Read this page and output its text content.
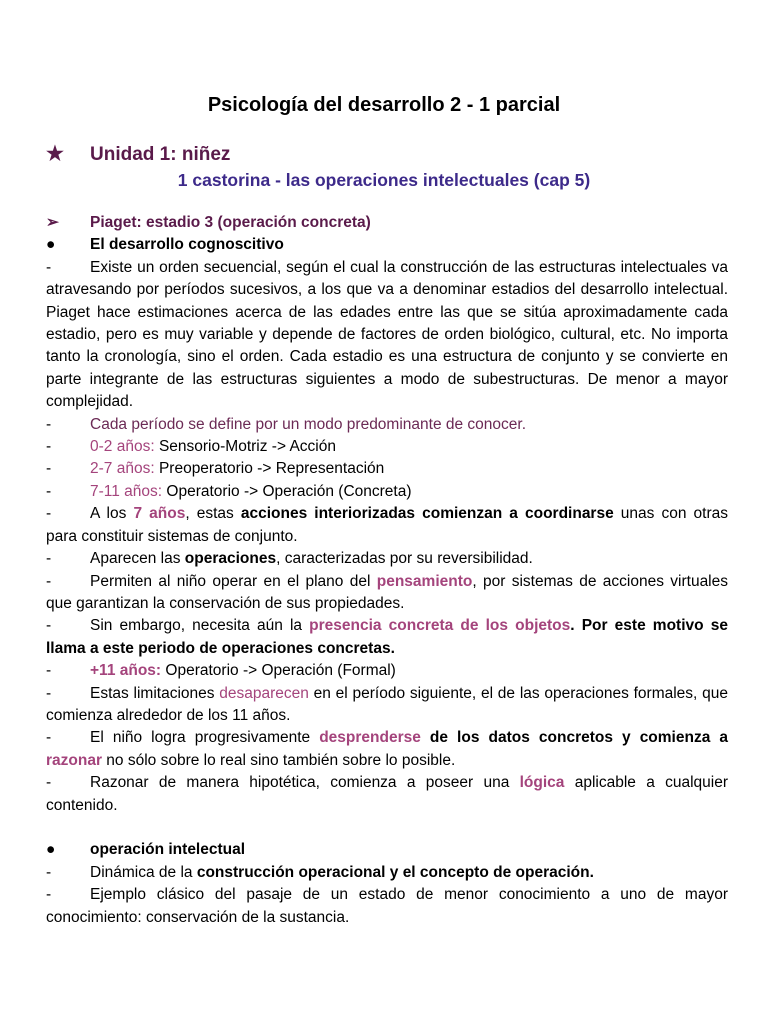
Psicología del desarrollo 2 - 1 parcial
★ Unidad 1: niñez
1 castorina - las operaciones intelectuales (cap 5)
➢ Piaget: estadio 3 (operación concreta)
● El desarrollo cognoscitivo
-	Existe un orden secuencial, según el cual la construcción de las estructuras intelectuales va atravesando por períodos sucesivos, a los que va a denominar estadios del desarrollo intelectual. Piaget hace estimaciones acerca de las edades entre las que se sitúa aproximadamente cada estadio, pero es muy variable y depende de factores de orden biológico, cultural, etc. No importa tanto la cronología, sino el orden. Cada estadio es una estructura de conjunto y se convierte en parte integrante de las estructuras siguientes a modo de subestructuras. De menor a mayor complejidad.
-	Cada período se define por un modo predominante de conocer.
-	0-2 años: Sensorio-Motriz -> Acción
-	2-7 años: Preoperatorio -> Representación
-	7-11 años: Operatorio -> Operación (Concreta)
-	A los 7 años, estas acciones interiorizadas comienzan a coordinarse unas con otras para constituir sistemas de conjunto.
-	Aparecen las operaciones, caracterizadas por su reversibilidad.
-	Permiten al niño operar en el plano del pensamiento, por sistemas de acciones virtuales que garantizan la conservación de sus propiedades.
-	Sin embargo, necesita aún la presencia concreta de los objetos. Por este motivo se llama a este periodo de operaciones concretas.
-	+11 años: Operatorio -> Operación (Formal)
-	Estas limitaciones desaparecen en el período siguiente, el de las operaciones formales, que comienza alrededor de los 11 años.
-	El niño logra progresivamente desprenderse de los datos concretos y comienza a razonar no sólo sobre lo real sino también sobre lo posible.
-	Razonar de manera hipotética, comienza a poseer una lógica aplicable a cualquier contenido.
● operación intelectual
-	Dinámica de la construcción operacional y el concepto de operación.
-	Ejemplo clásico del pasaje de un estado de menor conocimiento a uno de mayor conocimiento: conservación de la sustancia.
